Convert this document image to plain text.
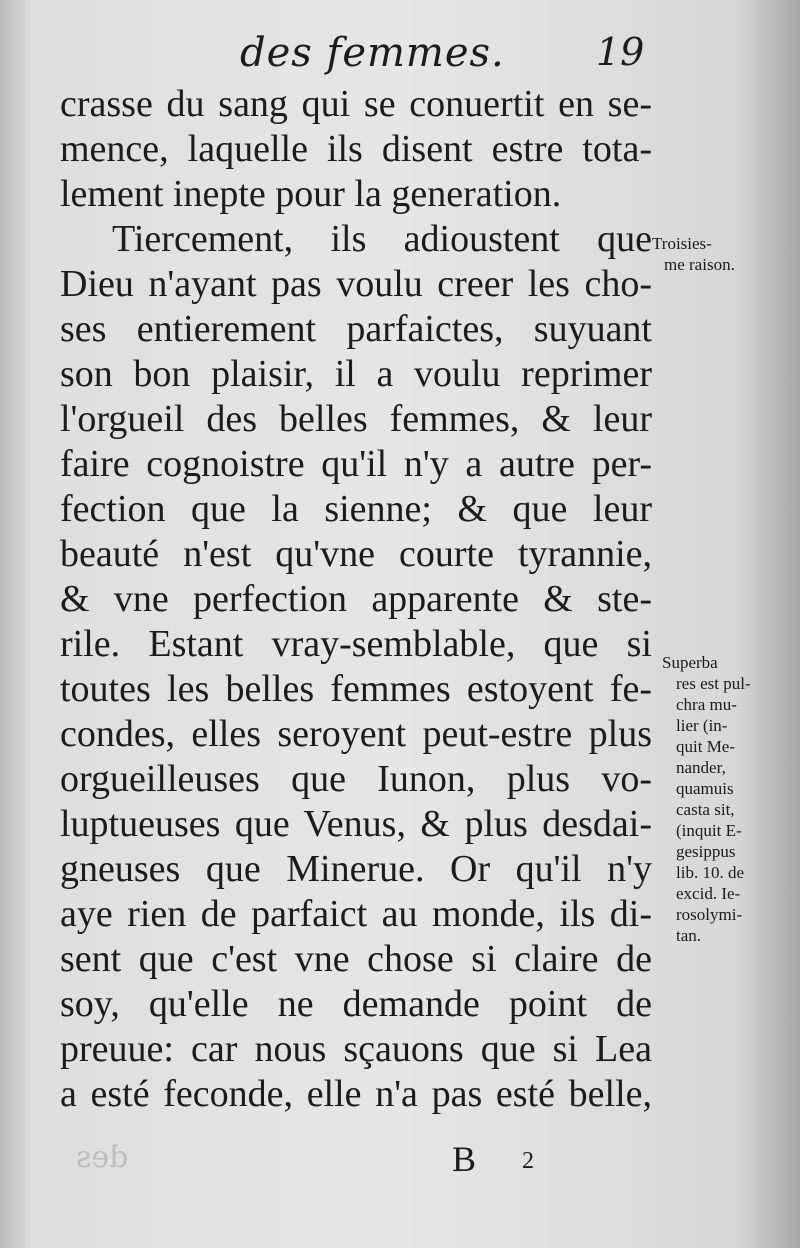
des femmes. 19
crasse du sang qui se conuertit en se-
mence, laquelle ils disent estre tota-
lement inepte pour la generation.
Tiercement, ils adioustent que
Dieu n'ayant pas voulu creer les cho-
ses entierement parfaictes, suyuant
son bon plaisir, il a voulu reprimer
l'orgueil des belles femmes, & leur
faire cognoistre qu'il n'y a autre per-
fection que la sienne; & que leur
beauté n'est qu'vne courte tyrannie,
& vne perfection apparente & ste-
rile. Estant vray-semblable, que si
toutes les belles femmes estoyent fe-
condes, elles seroyent peut-estre plus
orgueilleuses que Iunon, plus vo-
luptueuses que Venus, & plus desdai-
gneuses que Minerue. Or qu'il n'y
aye rien de parfaict au monde, ils di-
sent que c'est vne chose si claire de
soy, qu'elle ne demande point de
preuue: car nous sçauons que si Lea
a esté feconde, elle n'a pas esté belle,
Troisies-
me raison.
Superba
res est pul-
chra mu-
lier (in-
quit Me-
nander,
quamuis
casta sit,
(inquit E-
gesippus
lib. 10. de
excid. Ie-
rosolymi-
tan.
des	B 2
